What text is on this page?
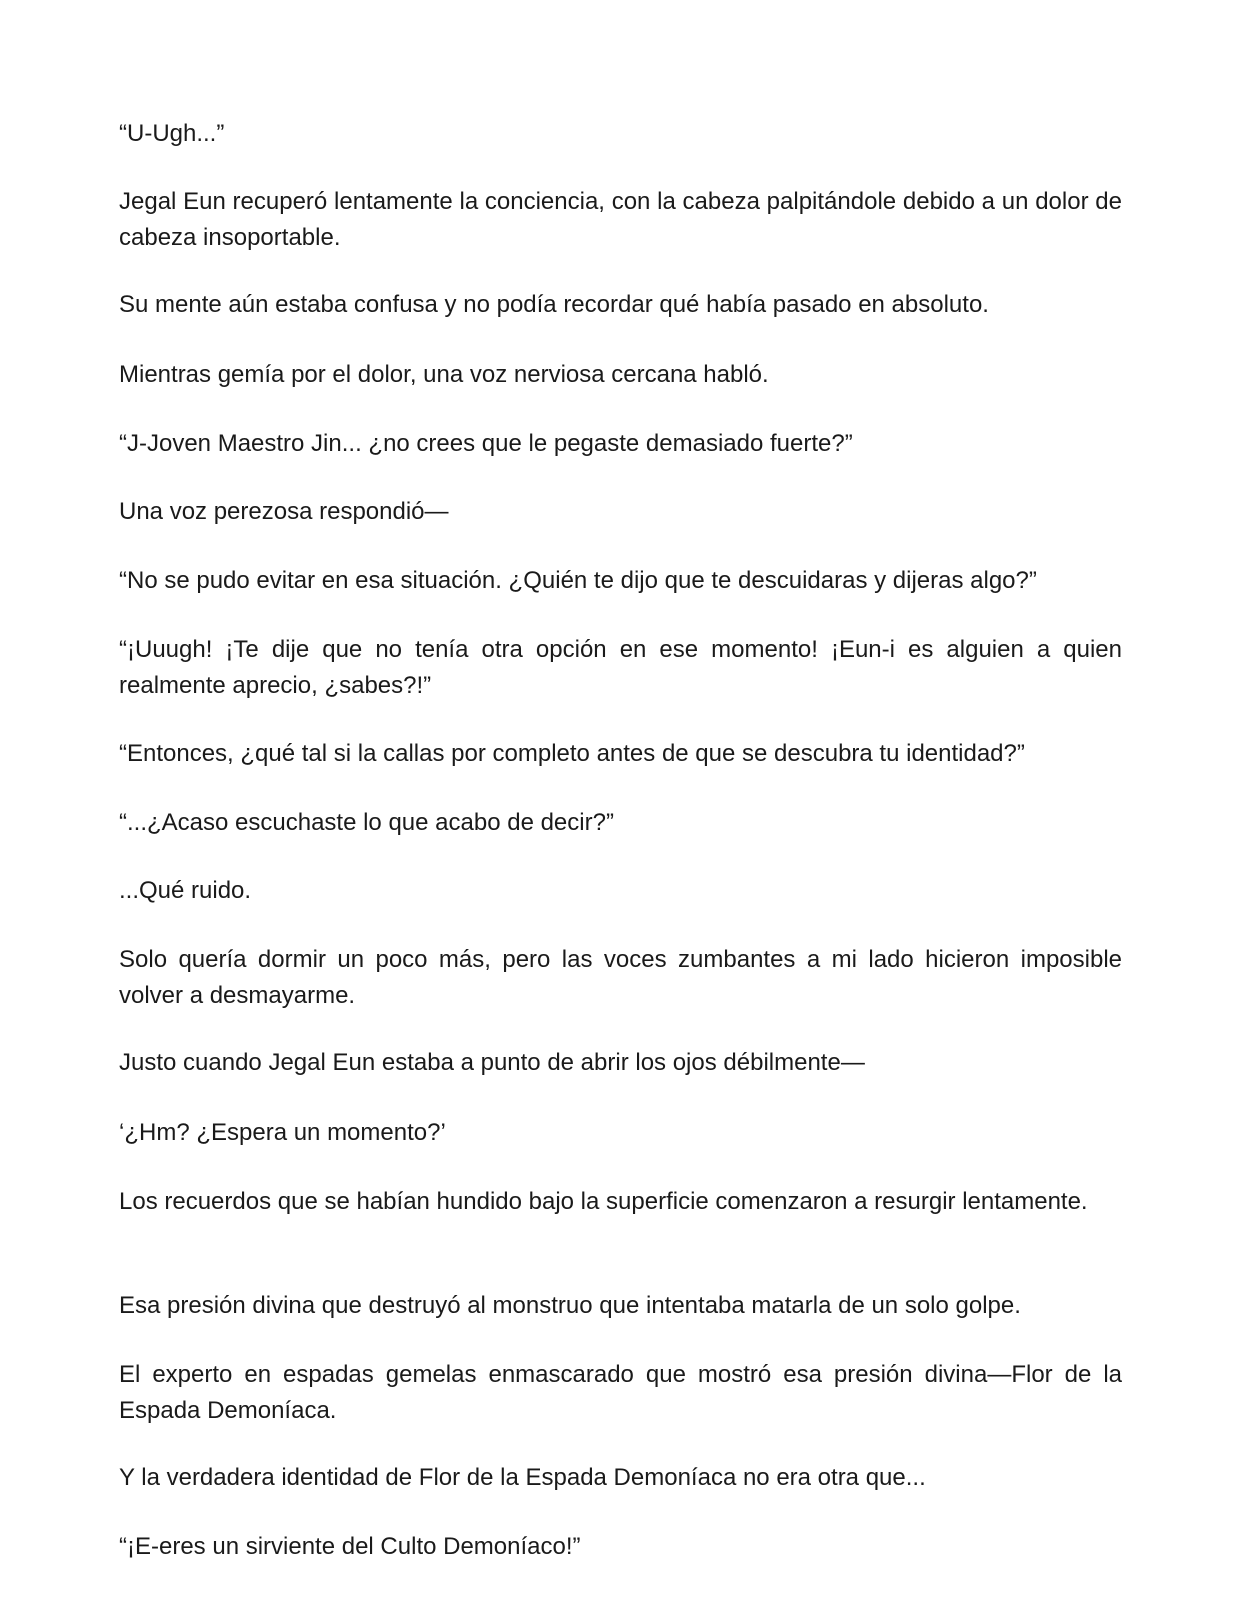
“U-Ugh...”

Jegal Eun recuperó lentamente la conciencia, con la cabeza palpitándole debido a un dolor de cabeza insoportable.

Su mente aún estaba confusa y no podía recordar qué había pasado en absoluto.

Mientras gemía por el dolor, una voz nerviosa cercana habló.

“J-Joven Maestro Jin... ¿no crees que le pegaste demasiado fuerte?”

Una voz perezosa respondió—

“No se pudo evitar en esa situación. ¿Quién te dijo que te descuidaras y dijeras algo?”

“¡Uuugh! ¡Te dije que no tenía otra opción en ese momento! ¡Eun-i es alguien a quien realmente aprecio, ¿sabes?!”

“Entonces, ¿qué tal si la callas por completo antes de que se descubra tu identidad?”

“...¿Acaso escuchaste lo que acabo de decir?”

...Qué ruido.

Solo quería dormir un poco más, pero las voces zumbantes a mi lado hicieron imposible volver a desmayarme.

Justo cuando Jegal Eun estaba a punto de abrir los ojos débilmente—

‘¿Hm? ¿Espera un momento?’

Los recuerdos que se habían hundido bajo la superficie comenzaron a resurgir lentamente.

Esa presión divina que destruyó al monstruo que intentaba matarla de un solo golpe.

El experto en espadas gemelas enmascarado que mostró esa presión divina—Flor de la Espada Demoníaca.

Y la verdadera identidad de Flor de la Espada Demoníaca no era otra que...

“¡E-eres un sirviente del Culto Demoníaco!”
